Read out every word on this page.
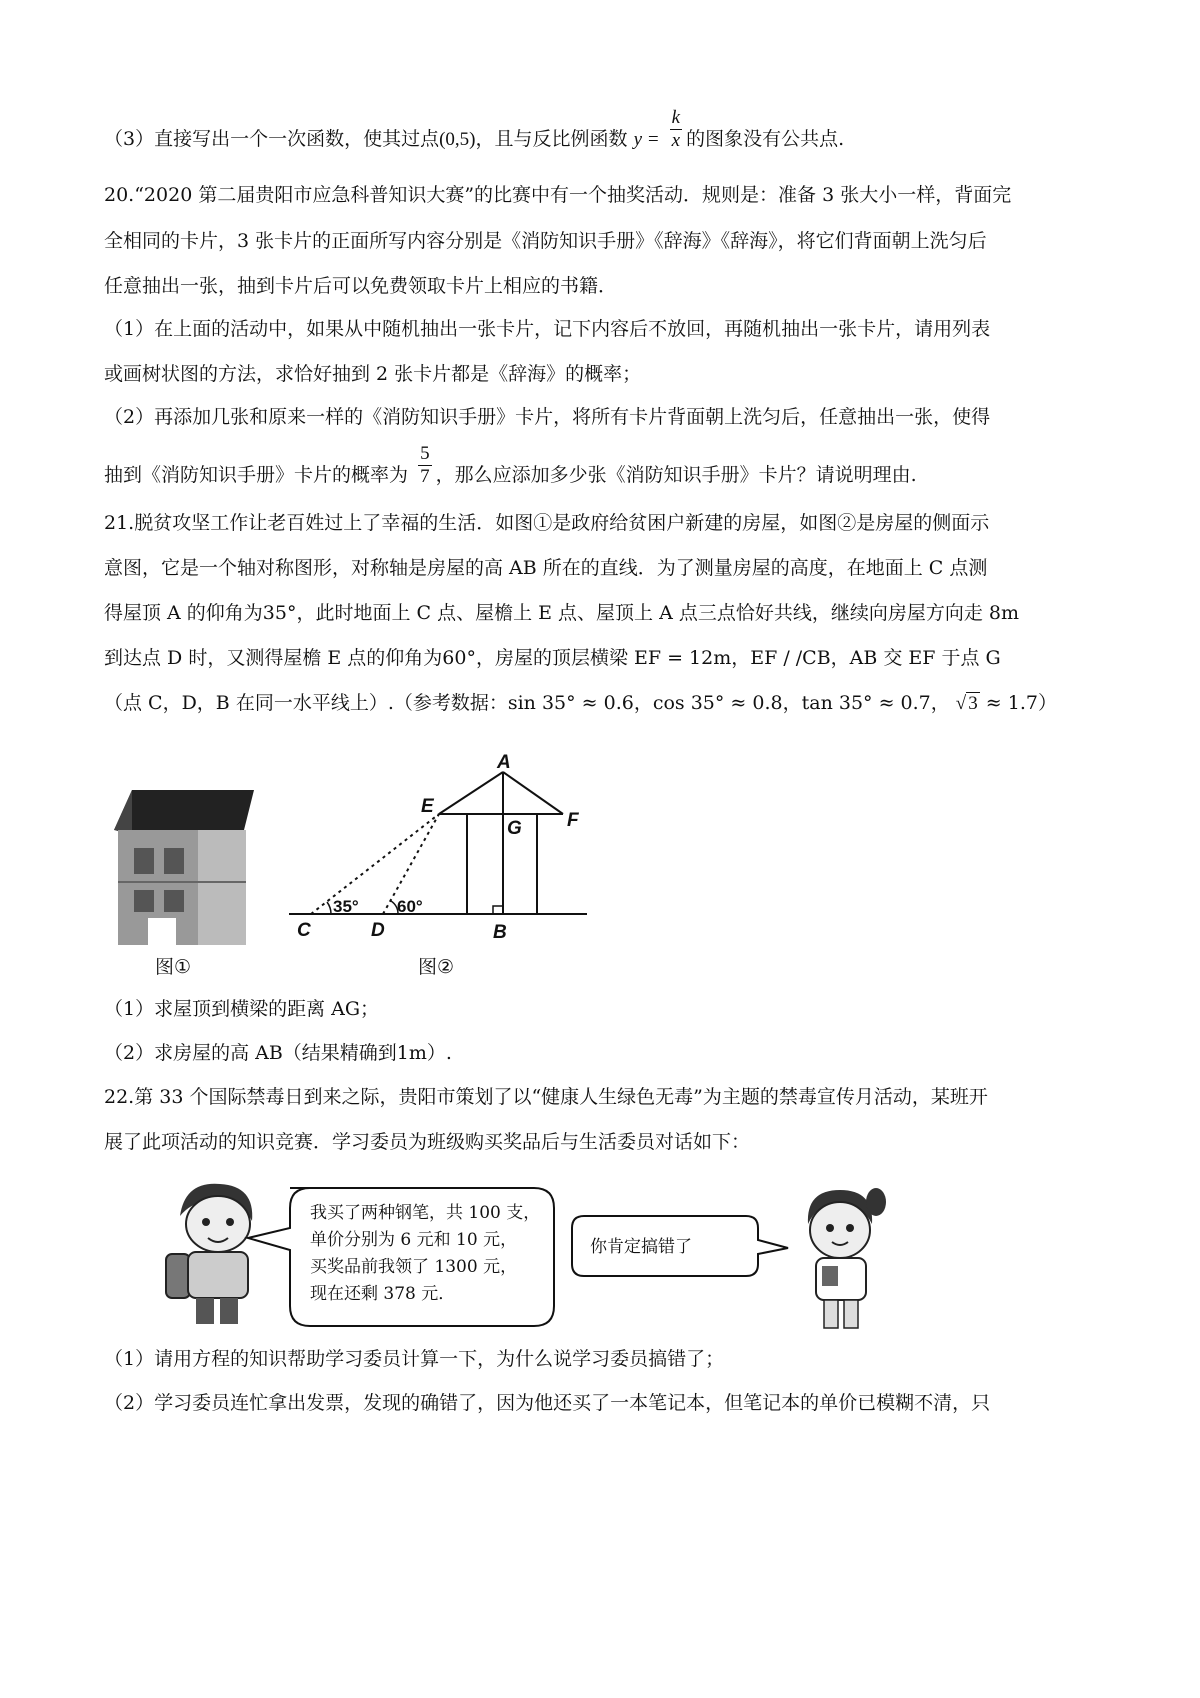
（3）直接写出一个一次函数，使其过点(0,5)，且与反比例函数 $y = \frac{k}{x}$ 的图象没有公共点.
20.“2020 第二届贵阳市应急科普知识大赛”的比赛中有一个抽奖活动．规则是：准备 3 张大小一样，背面完
全相同的卡片，3 张卡片的正面所写内容分别是《消防知识手册》《辞海》《辞海》，将它们背面朝上洗匀后
任意抽出一张，抽到卡片后可以免费领取卡片上相应的书籍．
（1）在上面的活动中，如果从中随机抽出一张卡片，记下内容后不放回，再随机抽出一张卡片，请用列表
或画树状图的方法，求恰好抽到 2 张卡片都是《辞海》的概率；
（2）再添加几张和原来一样的《消防知识手册》卡片，将所有卡片背面朝上洗匀后，任意抽出一张，使得
抽到《消防知识手册》卡片的概率为 $\frac{5}{7}$ ，那么应添加多少张《消防知识手册》卡片？请说明理由.
21.脱贫攻坚工作让老百姓过上了幸福的生活．如图①是政府给贫困户新建的房屋，如图②是房屋的侧面示
意图，它是一个轴对称图形，对称轴是房屋的高 AB 所在的直线．为了测量房屋的高度，在地面上 C 点测
得屋顶 A 的仰角为35°，此时地面上 C 点、屋檐上 E 点、屋顶上 A 点三点恰好共线，继续向房屋方向走 8m
到达点 D 时，又测得屋檐 E 点的仰角为60°，房屋的顶层横梁 EF = 12m，EF / /CB，AB 交 EF 于点 G
（点 C，D，B 在同一水平线上）.（参考数据：sin 35° ≈ 0.6，cos 35° ≈ 0.8，tan 35° ≈ 0.7， √ 3 ≈ 1.7）
图①
A
E
G F
C	D	B
35° 60°
图②
（1）求屋顶到横梁的距离 AG；
（2）求房屋的高 AB（结果精确到1m）.
22.第 33 个国际禁毒日到来之际，贵阳市策划了以“健康人生绿色无毒”为主题的禁毒宣传月活动，某班开
展了此项活动的知识竞赛．学习委员为班级购买奖品后与生活委员对话如下：
我买了两种钢笔，共 100 支，
单价分别为 6 元和 10 元，
买奖品前我领了 1300 元，
现在还剩 378 元．
你肯定搞错了
（1）请用方程的知识帮助学习委员计算一下，为什么说学习委员搞错了；
（2）学习委员连忙拿出发票，发现的确错了，因为他还买了一本笔记本，但笔记本的单价已模糊不清，只
